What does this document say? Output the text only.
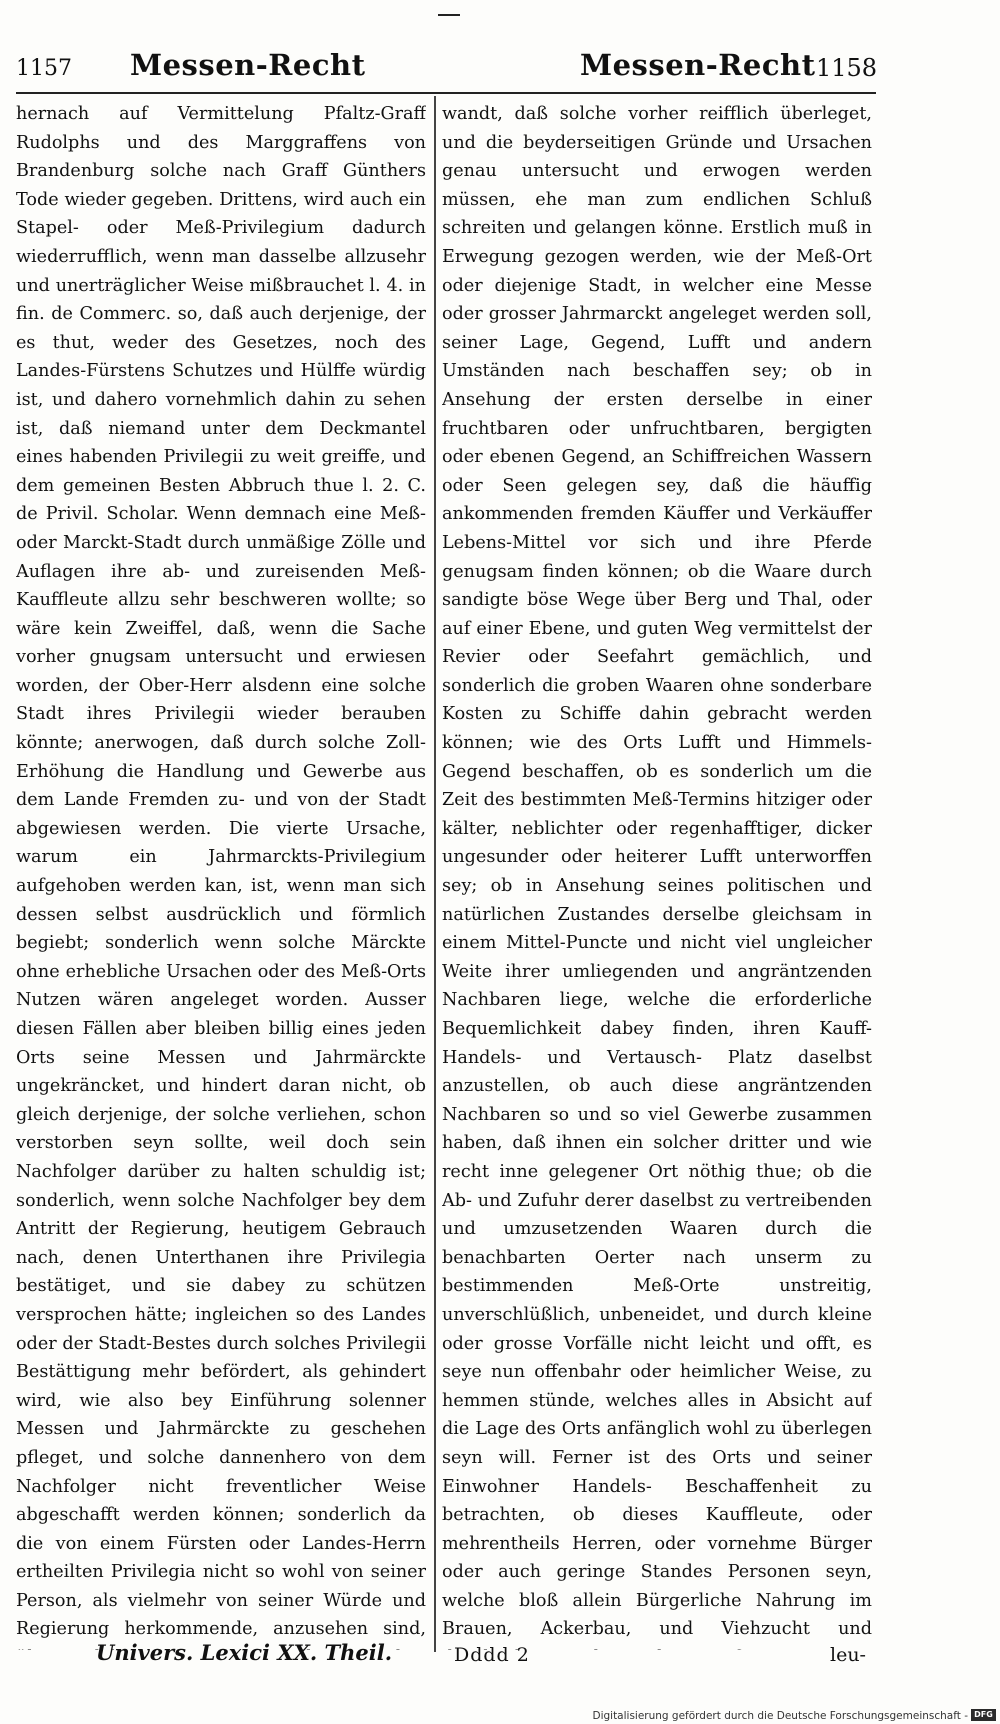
1157 Messen-Recht	Messen-Recht 1158

hernach auf Vermittelung Pfaltz-Graff Rudolphs und des Marggraffens von Brandenburg solche nach Graff Günthers Tode wieder gegeben. Drittens, wird auch ein Stapel- oder Meß-Privilegium dadurch wiederrufflich, wenn man dasselbe allzusehr und unerträglicher Weise mißbrauchet l. 4. in fin. de Commerc. so, daß auch derjenige, der es thut, weder des Gesetzes, noch des Landes-Fürstens Schutzes und Hülffe würdig ist, und dahero vornehmlich dahin zu sehen ist, daß niemand unter dem Deckmantel eines habenden Privilegii zu weit greiffe, und dem gemeinen Besten Abbruch thue l. 2. C. de Privil. Scholar. Wenn demnach eine Meß- oder Marckt-Stadt durch unmäßige Zölle und Auflagen ihre ab- und zureisenden Meß-Kauffleute allzu sehr beschweren wollte; so wäre kein Zweiffel, daß, wenn die Sache vorher gnugsam untersucht und erwiesen worden, der Ober-Herr alsdenn eine solche Stadt ihres Privilegii wieder berauben könnte; anerwogen, daß durch solche Zoll-Erhöhung die Handlung und Gewerbe aus dem Lande Fremden zu- und von der Stadt abgewiesen werden. Die vierte Ursache, warum ein Jahrmarckts-Privilegium aufgehoben werden kan, ist, wenn man sich dessen selbst ausdrücklich und förmlich begiebt; sonderlich wenn solche Märckte ohne erhebliche Ursachen oder des Meß-Orts Nutzen wären angeleget worden. Ausser diesen Fällen aber bleiben billig eines jeden Orts seine Messen und Jahrmärckte ungekräncket, und hindert daran nicht, ob gleich derjenige, der solche verliehen, schon verstorben seyn sollte, weil doch sein Nachfolger darüber zu halten schuldig ist; sonderlich, wenn solche Nachfolger bey dem Antritt der Regierung, heutigem Gebrauch nach, denen Unterthanen ihre Privilegia bestätiget, und sie dabey zu schützen versprochen hätte; ingleichen so des Landes oder der Stadt-Bestes durch solches Privilegii Bestättigung mehr befördert, als gehindert wird, wie also bey Einführung solenner Messen und Jahrmärckte zu geschehen pfleget, und solche dannenhero von dem Nachfolger nicht freventlicher Weise abgeschafft werden können; sonderlich da die von einem Fürsten oder Landes-Herrn ertheilten Privilegia nicht so wohl von seiner Person, als vielmehr von seiner Würde und Regierung herkommende, anzusehen sind,

wandt, daß solche vorher reifflich überleget, und die beyderseitigen Gründe und Ursachen genau untersucht und erwogen werden müssen, ehe man zum endlichen Schluß schreiten und gelangen könne. Erstlich muß in Erwegung gezogen werden, wie der Meß-Ort oder diejenige Stadt, in welcher eine Messe oder grosser Jahrmarckt angeleget werden soll, seiner Lage, Gegend, Lufft und andern Umständen nach beschaffen sey; ob in Ansehung der ersten derselbe in einer fruchtbaren oder unfruchtbaren, bergigten oder ebenen Gegend, an Schiffreichen Wassern oder Seen gelegen sey, daß die häuffig ankommenden fremden Käuffer und Verkäuffer Lebens-Mittel vor sich und ihre Pferde genugsam finden können; ob die Waare durch sandigte böse Wege über Berg und Thal, oder auf einer Ebene, und guten Weg vermittelst der Revier oder Seefahrt gemächlich, und sonderlich die groben Waaren ohne sonderbare Kosten zu Schiffe dahin gebracht werden können; wie des Orts Lufft und Himmels-Gegend beschaffen, ob es sonderlich um die Zeit des bestimmten Meß-Termins hitziger oder kälter, neblichter oder regenhafftiger, dicker ungesunder oder heiterer Lufft unterworffen sey; ob in Ansehung seines politischen und natürlichen Zustandes derselbe gleichsam in einem Mittel-Puncte und nicht viel ungleicher Weite ihrer umliegenden und angräntzenden Nachbaren liege, welche die erforderliche Bequemlichkeit dabey finden, ihren Kauff- Handels- und Vertausch- Platz daselbst anzustellen, ob auch diese angräntzenden Nachbaren so und so viel Gewerbe zusammen haben, daß ihnen ein solcher dritter und wie recht inne gelegener Ort nöthig thue; ob die Ab- und Zufuhr derer daselbst zu vertreibenden und umzusetzenden Waaren durch die benachbarten Oerter nach unserm zu bestimmenden Meß-Orte unstreitig, unverschlüßlich, unbeneidet, und durch kleine oder grosse Vorfälle nicht leicht und offt, es seye nun offenbahr oder heimlicher Weise, zu hemmen stünde, welches alles in Absicht auf die Lage des Orts anfänglich wohl zu überlegen seyn will. Ferner ist des Orts und seiner Einwohner Handels- Beschaffenheit zu betrachten, ob dieses Kauffleute, oder mehrentheils Herren, oder vornehme Bürger oder auch geringe Standes Personen seyn, welche bloß allein Bürgerliche Nahrung im Brauen, Ackerbau, und Viehzucht und

Univers. Lexici XX. Theil.	Dddd 2	leu-
Digitalisierung gefördert durch die Deutsche Forschungsgemeinschaft - DFG
